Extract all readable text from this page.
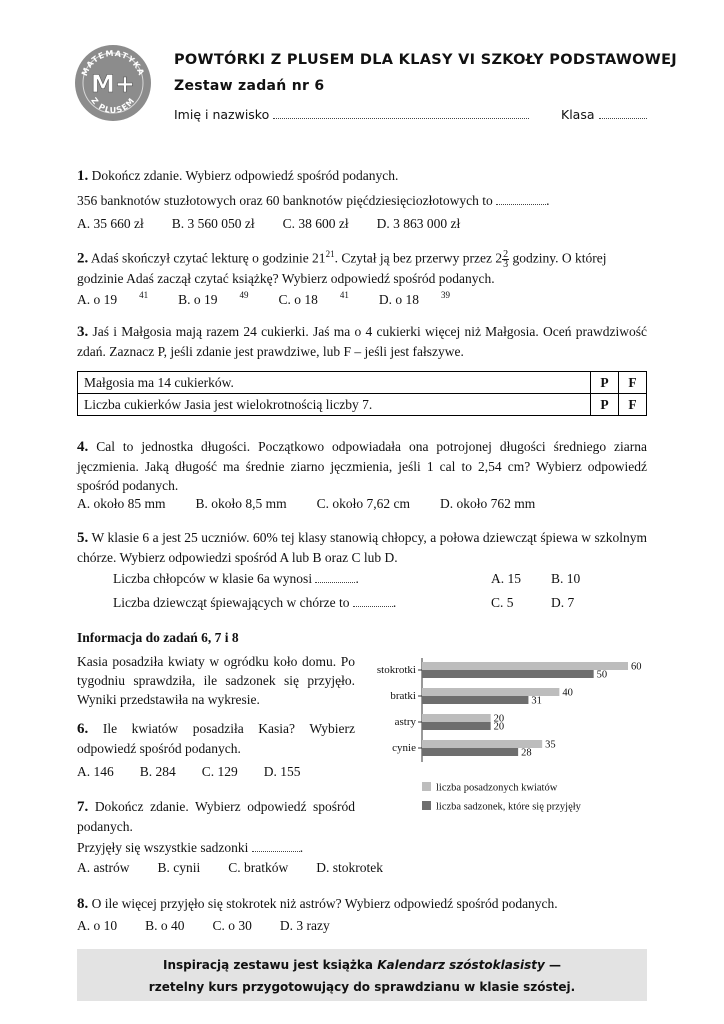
MATEMATYKA
Z PLUSEM
M+
POWTÓRKI Z PLUSEM DLA KLASY VI SZKOŁY PODSTAWOWEJ
Zestaw zadań nr 6
Imię i nazwisko	Klasa
1. Dokończ zdanie. Wybierz odpowiedź spośród podanych.
356 banknotów stuzłotowych oraz 60 banknotów pięćdziesięciozłotowych to	.
A. 35 660 zł B. 3 560 050 zł C. 38 600 zł D. 3 863 000 zł
2. Adaś skończył czytać lekturę o godzinie $21^{21}$. Czytał ją bez przerwy przez $2 \frac{2}{3}$ godziny. O której godzinie Adaś zaczął czytać książkę? Wybierz odpowiedź spośród podanych.
A. o 19 $^{41}$ B. o 19 $^{49}$ C. o 18 $^{41}$ D. o 18 $^{39}$
3. Jaś i Małgosia mają razem 24 cukierki. Jaś ma o 4 cukierki więcej niż Małgosia. Oceń prawdziwość zdań. Zaznacz P, jeśli zdanie jest prawdziwe, lub F – jeśli jest fałszywe.
Małgosia ma 14 cukierków.	P	F
Liczba cukierków Jasia jest wielokrotnością liczby 7.	P	F
4. Cal to jednostka długości. Początkowo odpowiadała ona potrojonej długości średniego ziarna jęczmienia. Jaką długość ma średnie ziarno jęczmienia, jeśli 1 cal to 2,54 cm? Wybierz odpowiedź spośród podanych.
A. około 85 mm B. około 8,5 mm C. około 7,62 cm D. około 762 mm
5. W klasie 6 a jest 25 uczniów. 60% tej klasy stanowią chłopcy, a połowa dziewcząt śpiewa w szkolnym chórze. Wybierz odpowiedzi spośród A lub B oraz C lub D.
Liczba chłopców w klasie 6a wynosi	.	A. 15 B. 10
Liczba dziewcząt śpiewających w chórze to	.	C. 5	D. 7
Informacja do zadań 6, 7 i 8
Kasia posadziła kwiaty w ogródku koło domu. Po tygodniu sprawdziła, ile sadzonek się przyjęło. Wyniki przedstawiła na wykresie.
stokrotki	60
50
bratki	40
31
astry	20
20
cynie	35
28
liczba posadzonych kwiatów
liczba sadzonek, które się przyjęły
6. Ile kwiatów posadziła Kasia? Wybierz odpowiedź spośród podanych.
A. 146 B. 284 C. 129 D. 155
7. Dokończ zdanie. Wybierz odpowiedź spośród podanych.
Przyjęły się wszystkie sadzonki	.
A. astrów B. cynii C. bratków D. stokrotek
8. O ile więcej przyjęło się stokrotek niż astrów? Wybierz odpowiedź spośród podanych.
A. o 10 B. o 40 C. o 30 D. 3 razy
Inspiracją zestawu jest książka Kalendarz szóstoklasisty —
rzetelny kurs przygotowujący do sprawdzianu w klasie szóstej.
